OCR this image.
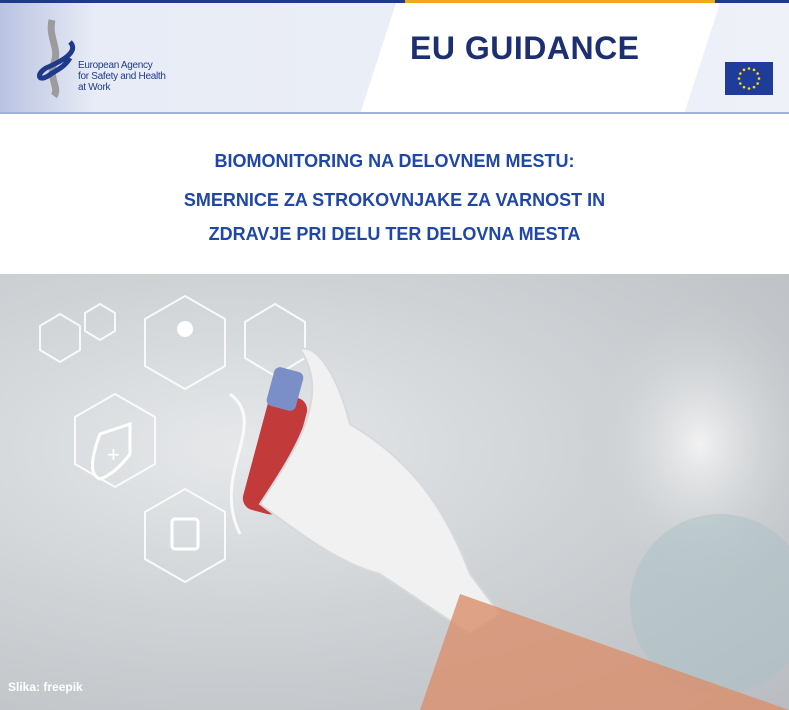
European Agency
for Safety and Health
at Work
EU GUIDANCE
BIOMONITORING NA DELOVNEM MESTU:
SMERNICE ZA STROKOVNJAKE ZA VARNOST IN
ZDRAVJE PRI DELU TER DELOVNA MESTA
+
Slika: freepik
